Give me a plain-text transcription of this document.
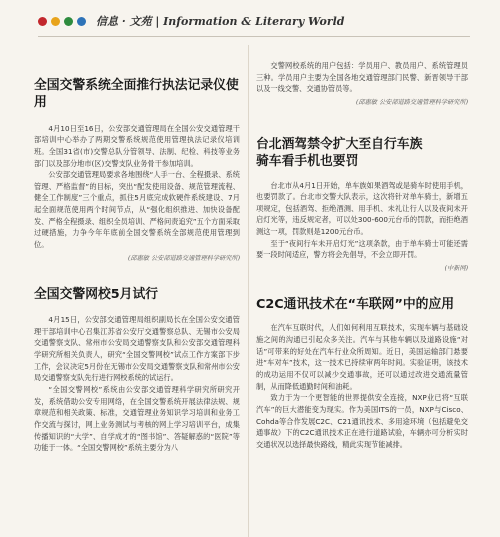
信息 · 文苑 | Information & Literary World
全国交警系统全面推行执法记录仪使用

4月10日至16日，公安部交通管理局在全国公安交通管理干部培训中心举办了两期交警系统规范使用管理执法记录仪培训班。全国31省(市)交警总队分管领导、法制、纪检、科技等业务部门以及部分地市(区)交警支队业务骨干参加培训。

公安部交通管理局要求各地围绕“人手一台、全程摄录、系统管理、严格监督”的目标，突出“配发使用设备、规范管理流程、健全工作制度”三个重点，抓住5月底完成软硬件系统建设、7月起全面规范使用两个时间节点，从“强化组织推进、加快设备配发、严格全程摄录、组织全员培训、严格问责追究”五个方面采取过硬措施，力争今年年底前全国交警系统全部规范使用管理到位。

(邱惠敏 公安部道路交通管理科学研究所)
全国交警网校5月试行

4月15日，公安部交通管理局组织副局长在全国公安交通管理干部培训中心召集江苏省公安厅交通警察总队、无锡市公安局交通警察支队、常州市公安局交通警察支队和公安部交通管理科学研究所相关负责人，研究“全国交警网校”试点工作方案部下步工作，会议决定5月份在无锡市公安局交通警察支队和常州市公安局交通警察支队先行进行网校系统的试运行。

“全国交警网校”系统由公安部交通管理科学研究所研究开发，系统借助公安专用网络，在全国交警系统开展法律法规、规章规范和相关政策、标准，交通管理业务知识学习培训和业务工作交流与探讨，网上业务测试与考核的网上学习培训平台，成集传播知识的“大学”、自学成才的“图书馆”、答疑解惑的“医院”等功能于一体。“全国交警网校”系统主要分为八

交警网校系统的用户包括：学员用户、教员用户、系统管理员三种。学员用户主要为全国各地交通管理部门民警、新晋领导干部以及一线交警、交通协管员等。

(邱惠敏 公安部道路交通管理科学研究所)
台北酒驾禁令扩大至自行车族
骑车看手机也要罚

台北市从4月1日开始，单车族如果酒驾或是骑车时使用手机，也要罚款了。台北市交警大队表示，这次将针对单车骑士，新增五项规定，包括酒驾、拒绝酒测、用手机、未礼让行人以及夜间未开启灯光等，违反规定者，可以处300-600元台币的罚款，而拒绝酒测这一项，罚款则是1200元台币。

至于“夜间行车未开启灯光”这项条款，由于单车骑士可能还需要一段时间适应，警方将会先倡导，不会立即开罚。

(中新网)
C2C通讯技术在“车联网”中的应用

在汽车互联时代，人们如何利用互联技术，实现车辆与基础设施之间的沟通已引起众多关注。汽车与其他车辆以及道路设施“对话”可带来的好处在汽车行业众所周知。近日，美国运输部门悬要进“车对车”技术，这一技术已持续审两年时间。实验证明，该技术的成功运用不仅可以减少交通事故，还可以通过改进交通流量管制，从而降低通勤时间和油耗。

致力于为一个更智能的世界提供安全连接，NXP业已将“互联汽车”的巨大潜能变为现实。作为美国ITS的一员，NXP与Cisco、Cohda等合作发展C2C、C21通讯技术、多用途环境（包括避免交通事故）下的C2C通讯技术正在进行道路试验，车辆亦可分析实时交通状况以选择最快路线，精此实现节能减排。
